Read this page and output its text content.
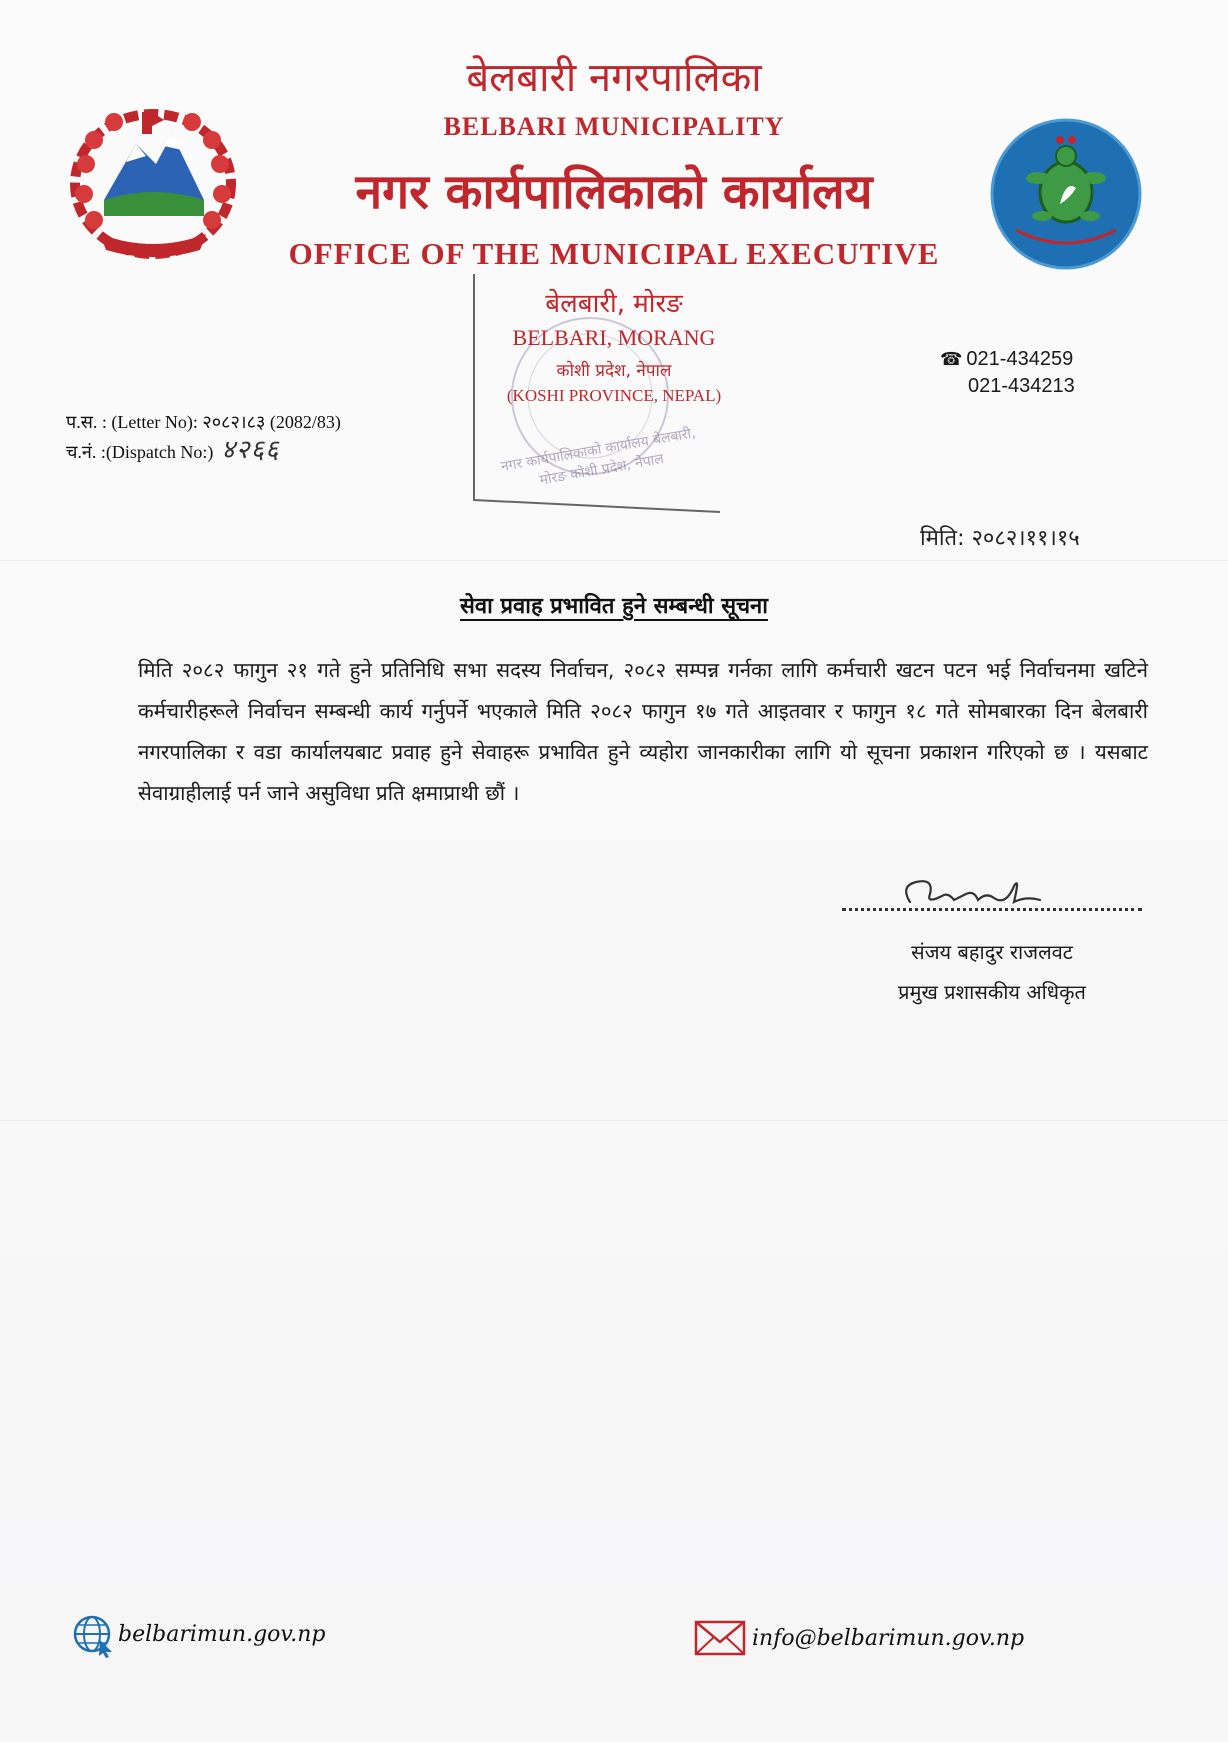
बेलबारी नगरपालिका
BELBARI MUNICIPALITY
नगर कार्यपालिकाको कार्यालय
OFFICE OF THE MUNICIPAL EXECUTIVE
बेलबारी, मोरङ
BELBARI, MORANG
कोशी प्रदेश, नेपाल
(KOSHI PROVINCE, NEPAL)
नगर कार्यपालिकाको कार्यालय बेलबारी, मोरङ कोशी प्रदेश, नेपाल
☎ 021-434259
021-434213
प.स. : (Letter No): २०८२।८३ (2082/83)
च.नं. :(Dispatch No:) ४२६६
मिति: २०८२।११।१५
सेवा प्रवाह प्रभावित हुने सम्बन्धी सूचना
मिति २०८२ फागुन २१ गते हुने प्रतिनिधि सभा सदस्य निर्वाचन, २०८२ सम्पन्न गर्नका लागि कर्मचारी खटन पटन भई निर्वाचनमा खटिने कर्मचारीहरूले निर्वाचन सम्बन्धी कार्य गर्नुपर्ने भएकाले मिति २०८२ फागुन १७ गते आइतवार र फागुन १८ गते सोमबारका दिन बेलबारी नगरपालिका र वडा कार्यालयबाट प्रवाह हुने सेवाहरू प्रभावित हुने व्यहोरा जानकारीका लागि यो सूचना प्रकाशन गरिएको छ । यसबाट सेवाग्राहीलाई पर्न जाने असुविधा प्रति क्षमाप्राथी छौं ।
संजय बहादुर राजलवट
प्रमुख प्रशासकीय अधिकृत
belbarimun.gov.np	info@belbarimun.gov.np
